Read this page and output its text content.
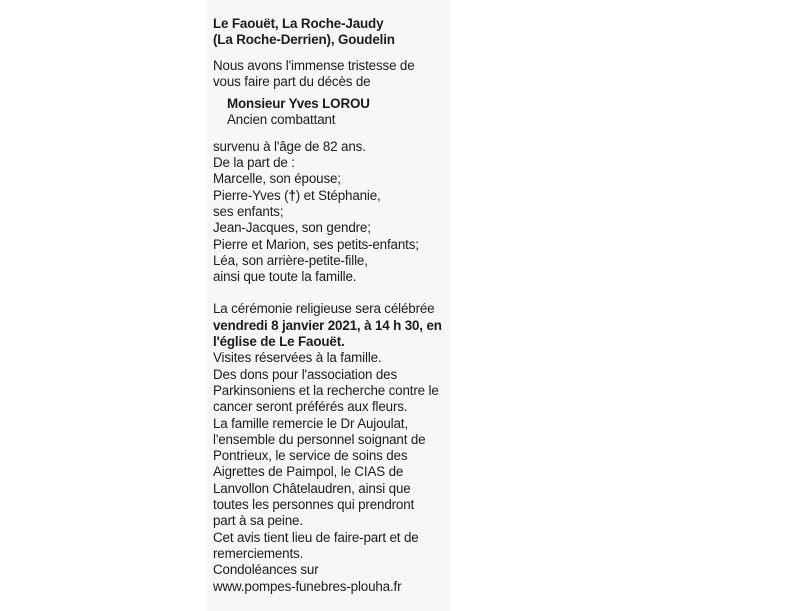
Le Faouët, La Roche-Jaudy
(La Roche-Derrien), Goudelin

Nous avons l'immense tristesse de
vous faire part du décès de

Monsieur Yves LOROU
Ancien combattant

survenu à l'âge de 82 ans.
De la part de :
Marcelle, son épouse;
Pierre-Yves (†) et Stéphanie,
ses enfants;
Jean-Jacques, son gendre;
Pierre et Marion, ses petits-enfants;
Léa, son arrière-petite-fille,
ainsi que toute la famille.

La cérémonie religieuse sera célébrée
vendredi 8 janvier 2021, à 14 h 30, en
l'église de Le Faouët.

Visites réservées à la famille.
Des dons pour l'association des
Parkinsoniens et la recherche contre le
cancer seront préférés aux fleurs.
La famille remercie le Dr Aujoulat,
l'ensemble du personnel soignant de
Pontrieux, le service de soins des
Aigrettes de Paimpol, le CIAS de
Lanvollon Châtelaudren, ainsi que
toutes les personnes qui prendront
part à sa peine.
Cet avis tient lieu de faire-part et de
remerciements.
Condoléances sur
www.pompes-funebres-plouha.fr
